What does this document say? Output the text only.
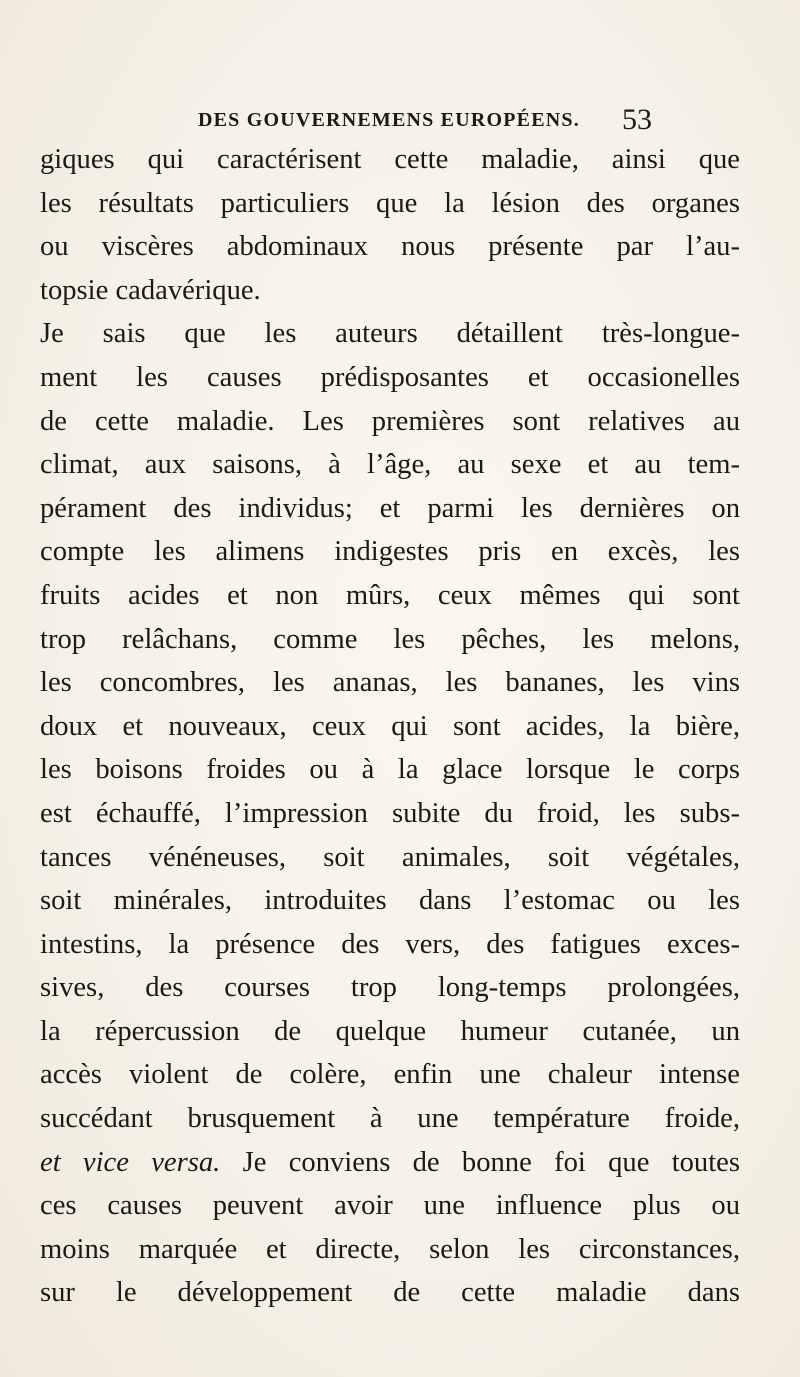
DES GOUVERNEMENS EUROPÉENS. 53
giques qui caractérisent cette maladie, ainsi que
les résultats particuliers que la lésion des organes
ou viscères abdominaux nous présente par l’au-
topsie cadavérique.
Je sais que les auteurs détaillent très-longue-
ment les causes prédisposantes et occasionelles
de cette maladie. Les premières sont relatives au
climat, aux saisons, à l’âge, au sexe et au tem-
pérament des individus; et parmi les dernières on
compte les alimens indigestes pris en excès, les
fruits acides et non mûrs, ceux mêmes qui sont
trop relâchans, comme les pêches, les melons,
les concombres, les ananas, les bananes, les vins
doux et nouveaux, ceux qui sont acides, la bière,
les boisons froides ou à la glace lorsque le corps
est échauffé, l’impression subite du froid, les subs-
tances vénéneuses, soit animales, soit végétales,
soit minérales, introduites dans l’estomac ou les
intestins, la présence des vers, des fatigues exces-
sives, des courses trop long-temps prolongées,
la répercussion de quelque humeur cutanée, un
accès violent de colère, enfin une chaleur intense
succédant brusquement à une température froide,
et vice versa. Je conviens de bonne foi que toutes
ces causes peuvent avoir une influence plus ou
moins marquée et directe, selon les circonstances,
sur le développement de cette maladie dans
